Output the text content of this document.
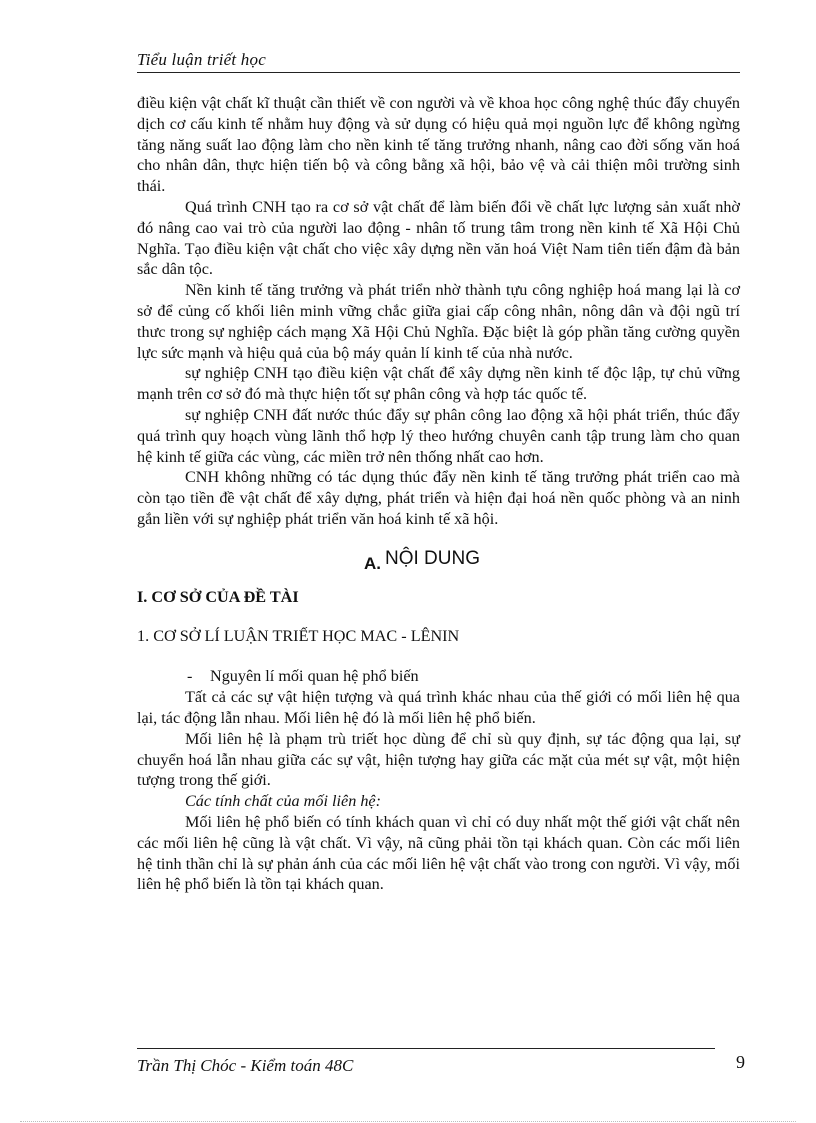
Tiểu luận triết học

điều kiện vật chất kĩ thuật cần thiết về con người và về khoa học công nghệ thúc đẩy chuyển dịch cơ cấu kinh tế nhằm huy động và sử dụng có hiệu quả mọi nguồn lực để không ngừng tăng năng suất lao động làm cho nền kinh tế tăng trưởng nhanh, nâng cao đời sống văn hoá cho nhân dân, thực hiện tiến bộ và công bằng xã hội, bảo vệ và cải thiện môi trường sinh thái.

Quá trình CNH tạo ra cơ sở vật chất để làm biến đổi về chất lực lượng sản xuất nhờ đó nâng cao vai trò của người lao động - nhân tố trung tâm trong nền kinh tế Xã Hội Chủ Nghĩa. Tạo điều kiện vật chất cho việc xây dựng nền văn hoá Việt Nam tiên tiến đậm đà bản sắc dân tộc.

Nền kinh tế tăng trưởng và phát triển nhờ thành tựu công nghiệp hoá mang lại là cơ sở để củng cố khối liên minh vững chắc giữa giai cấp công nhân, nông dân và đội ngũ trí thưc trong sự nghiệp cách mạng Xã Hội Chủ Nghĩa. Đặc biệt là góp phần tăng cường quyền lực sức mạnh và hiệu quả của bộ máy quản lí kinh tế của nhà nước.

sự nghiệp CNH tạo điều kiện vật chất để xây dựng nền kinh tế độc lập, tự chủ vững mạnh trên cơ sở đó mà thực hiện tốt sự phân công và hợp tác quốc tế.

sự nghiệp CNH đất nước thúc đẩy sự phân công lao động xã hội phát triển, thúc đẩy quá trình quy hoạch vùng lãnh thổ hợp lý theo hướng chuyên canh tập trung làm cho quan hệ kinh tế giữa các vùng, các miền trở nên thống nhất cao hơn.

CNH không những có tác dụng thúc đẩy nền kinh tế tăng trưởng phát triển cao mà còn tạo tiền đề vật chất để xây dựng, phát triển và hiện đại hoá nền quốc phòng và an ninh gắn liền với sự nghiệp phát triển văn hoá kinh tế xã hội.

A. NỘI DUNG

I. CƠ SỞ CỦA ĐỀ TÀI

1. CƠ SỞ LÍ LUẬN TRIẾT HỌC MAC - LÊNIN

- Nguyên lí mối quan hệ phổ biến

Tất cả các sự vật hiện tượng và quá trình khác nhau của thế giới có mối liên hệ qua lại, tác động lẫn nhau. Mối liên hệ đó là mối liên hệ phổ biến.

Mối liên hệ là phạm trù triết học dùng để chỉ sù quy định, sự tác động qua lại, sự chuyển hoá lẫn nhau giữa các sự vật, hiện tượng hay giữa các mặt của mét sự vật, một hiện tượng trong thế giới.

Các tính chất của mối liên hệ:

Mối liên hệ phổ biến có tính khách quan vì chỉ có duy nhất một thế giới vật chất nên các mối liên hệ cũng là vật chất. Vì vậy, nã cũng phải tồn tại khách quan. Còn các mối liên hệ tinh thần chỉ là sự phản ánh của các mối liên hệ vật chất vào trong con người. Vì vậy, mối liên hệ phổ biến là tồn tại khách quan.

Trần Thị Chóc - Kiểm toán 48C	9
